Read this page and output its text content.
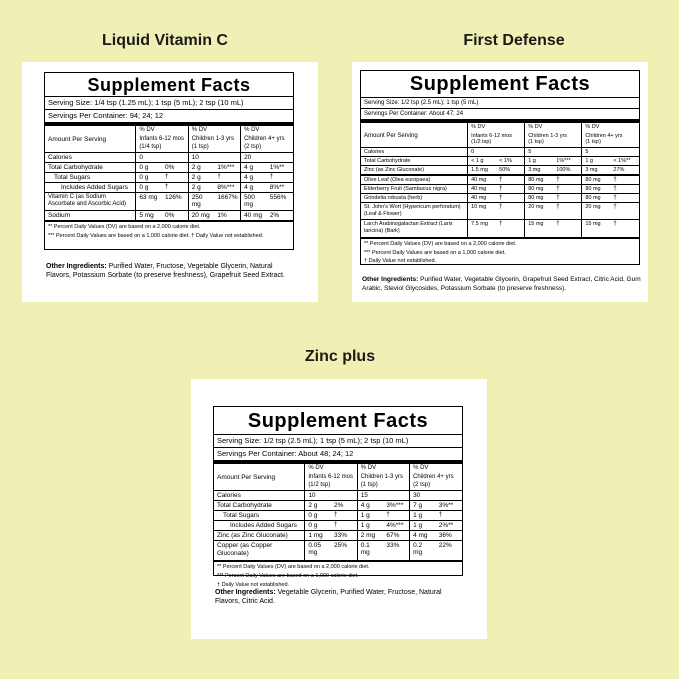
Liquid Vitamin C
Supplement Facts
Serving Size: 1/4 tsp (1.25 mL); 1 tsp (5 mL); 2 tsp (10 mL)
Servings Per Container: 94; 24; 12
	% DV		% DV		% DV	
Amount Per Serving	Infants 6-12 mos
(1/4 tsp)		Children 1-3 yrs
(1 tsp)		Children 4+ yrs
(2 tsp)	
Calories	0		10		20	
Total Carbohydrate	0 g	0%	2 g	1%***	4 g	1%**
Total Sugars	0 g	†	2 g	†	4 g	†
Includes Added Sugars	0 g	†	2 g	8%***	4 g	8%**
Vitamin C (as Sodium Ascorbate and Ascorbic Acid)	63 mg	126%	250 mg	1667%	500 mg	556%
Sodium	5 mg	0%	20 mg	1%	40 mg	2%
** Percent Daily Values (DV) are based on a 2,000 calorie diet.
*** Percent Daily Values are based on a 1,000 calorie diet. † Daily Value not established.
Other Ingredients: Purified Water, Fructose, Vegetable Glycerin, Natural Flavors, Potassium Sorbate (to preserve freshness), Grapefruit Seed Extract.
First Defense
Supplement Facts
Serving Size: 1/2 tsp (2.5 mL); 1 tsp (5 mL)
Servings Per Container: About 47; 24
	% DV		% DV		% DV	
Amount Per Serving	Infants 6-12 mos
(1/2 tsp)		Children 1-3 yrs
(1 tsp)		Children 4+ yrs
(1 tsp)	
Calories	0		5		5	
Total Carbohydrate	< 1 g	< 1%	1 g	1%***	1 g	< 1%**
Zinc (as Zinc Gluconate)	1.5 mg	50%	3 mg	100%	3 mg	27%
Olive Leaf (Olea europaea)	40 mg	†	80 mg	†	80 mg	†
Elderberry Fruit (Sambucus nigra)	40 mg	†	80 mg	†	80 mg	†
Grindelia robusta (herb)	40 mg	†	80 mg	†	80 mg	†
St. John's Wort (Hypericum perforatum) (Leaf & Flower)	10 mg	†	20 mg	†	20 mg	†
Larch Arabinogalactan Extract (Larix laricina) (Bark)	7.5 mg	†	15 mg	†	15 mg	†
** Percent Daily Values (DV) are based on a 2,000 calorie diet.
*** Percent Daily Values are based on a 1,000 calorie diet.
† Daily Value not established.
Other Ingredients: Purified Water, Vegetable Glycerin, Grapefruit Seed Extract, Citric Acid, Gum Arabic, Steviol Glycosides, Potassium Sorbate (to preserve freshness).
Zinc plus
Supplement Facts
Serving Size: 1/2 tsp (2.5 mL); 1 tsp (5 mL); 2 tsp (10 mL)
Servings Per Container: About 48; 24; 12
	% DV		% DV		% DV	
Amount Per Serving	Infants 6-12 mos
(1/2 tsp)		Children 1-3 yrs
(1 tsp)		Children 4+ yrs
(2 tsp)	
Calories	10		15		30	
Total Carbohydrate	2 g	2%	4 g	3%***	7 g	3%**
Total Sugars	0 g	†	1 g	†	1 g	†
Includes Added Sugars	0 g	†	1 g	4%***	1 g	2%**
Zinc (as Zinc Gluconate)	1 mg	33%	2 mg	67%	4 mg	36%
Copper (as Copper Gluconate)	0.05 mg	25%	0.1 mg	33%	0.2 mg	22%
** Percent Daily Values (DV) are based on a 2,000 calorie diet.
*** Percent Daily Values are based on a 1,000 calorie diet.
† Daily Value not established.
Other Ingredients: Vegetable Glycerin, Purified Water, Fructose, Natural Flavors, Citric Acid.
